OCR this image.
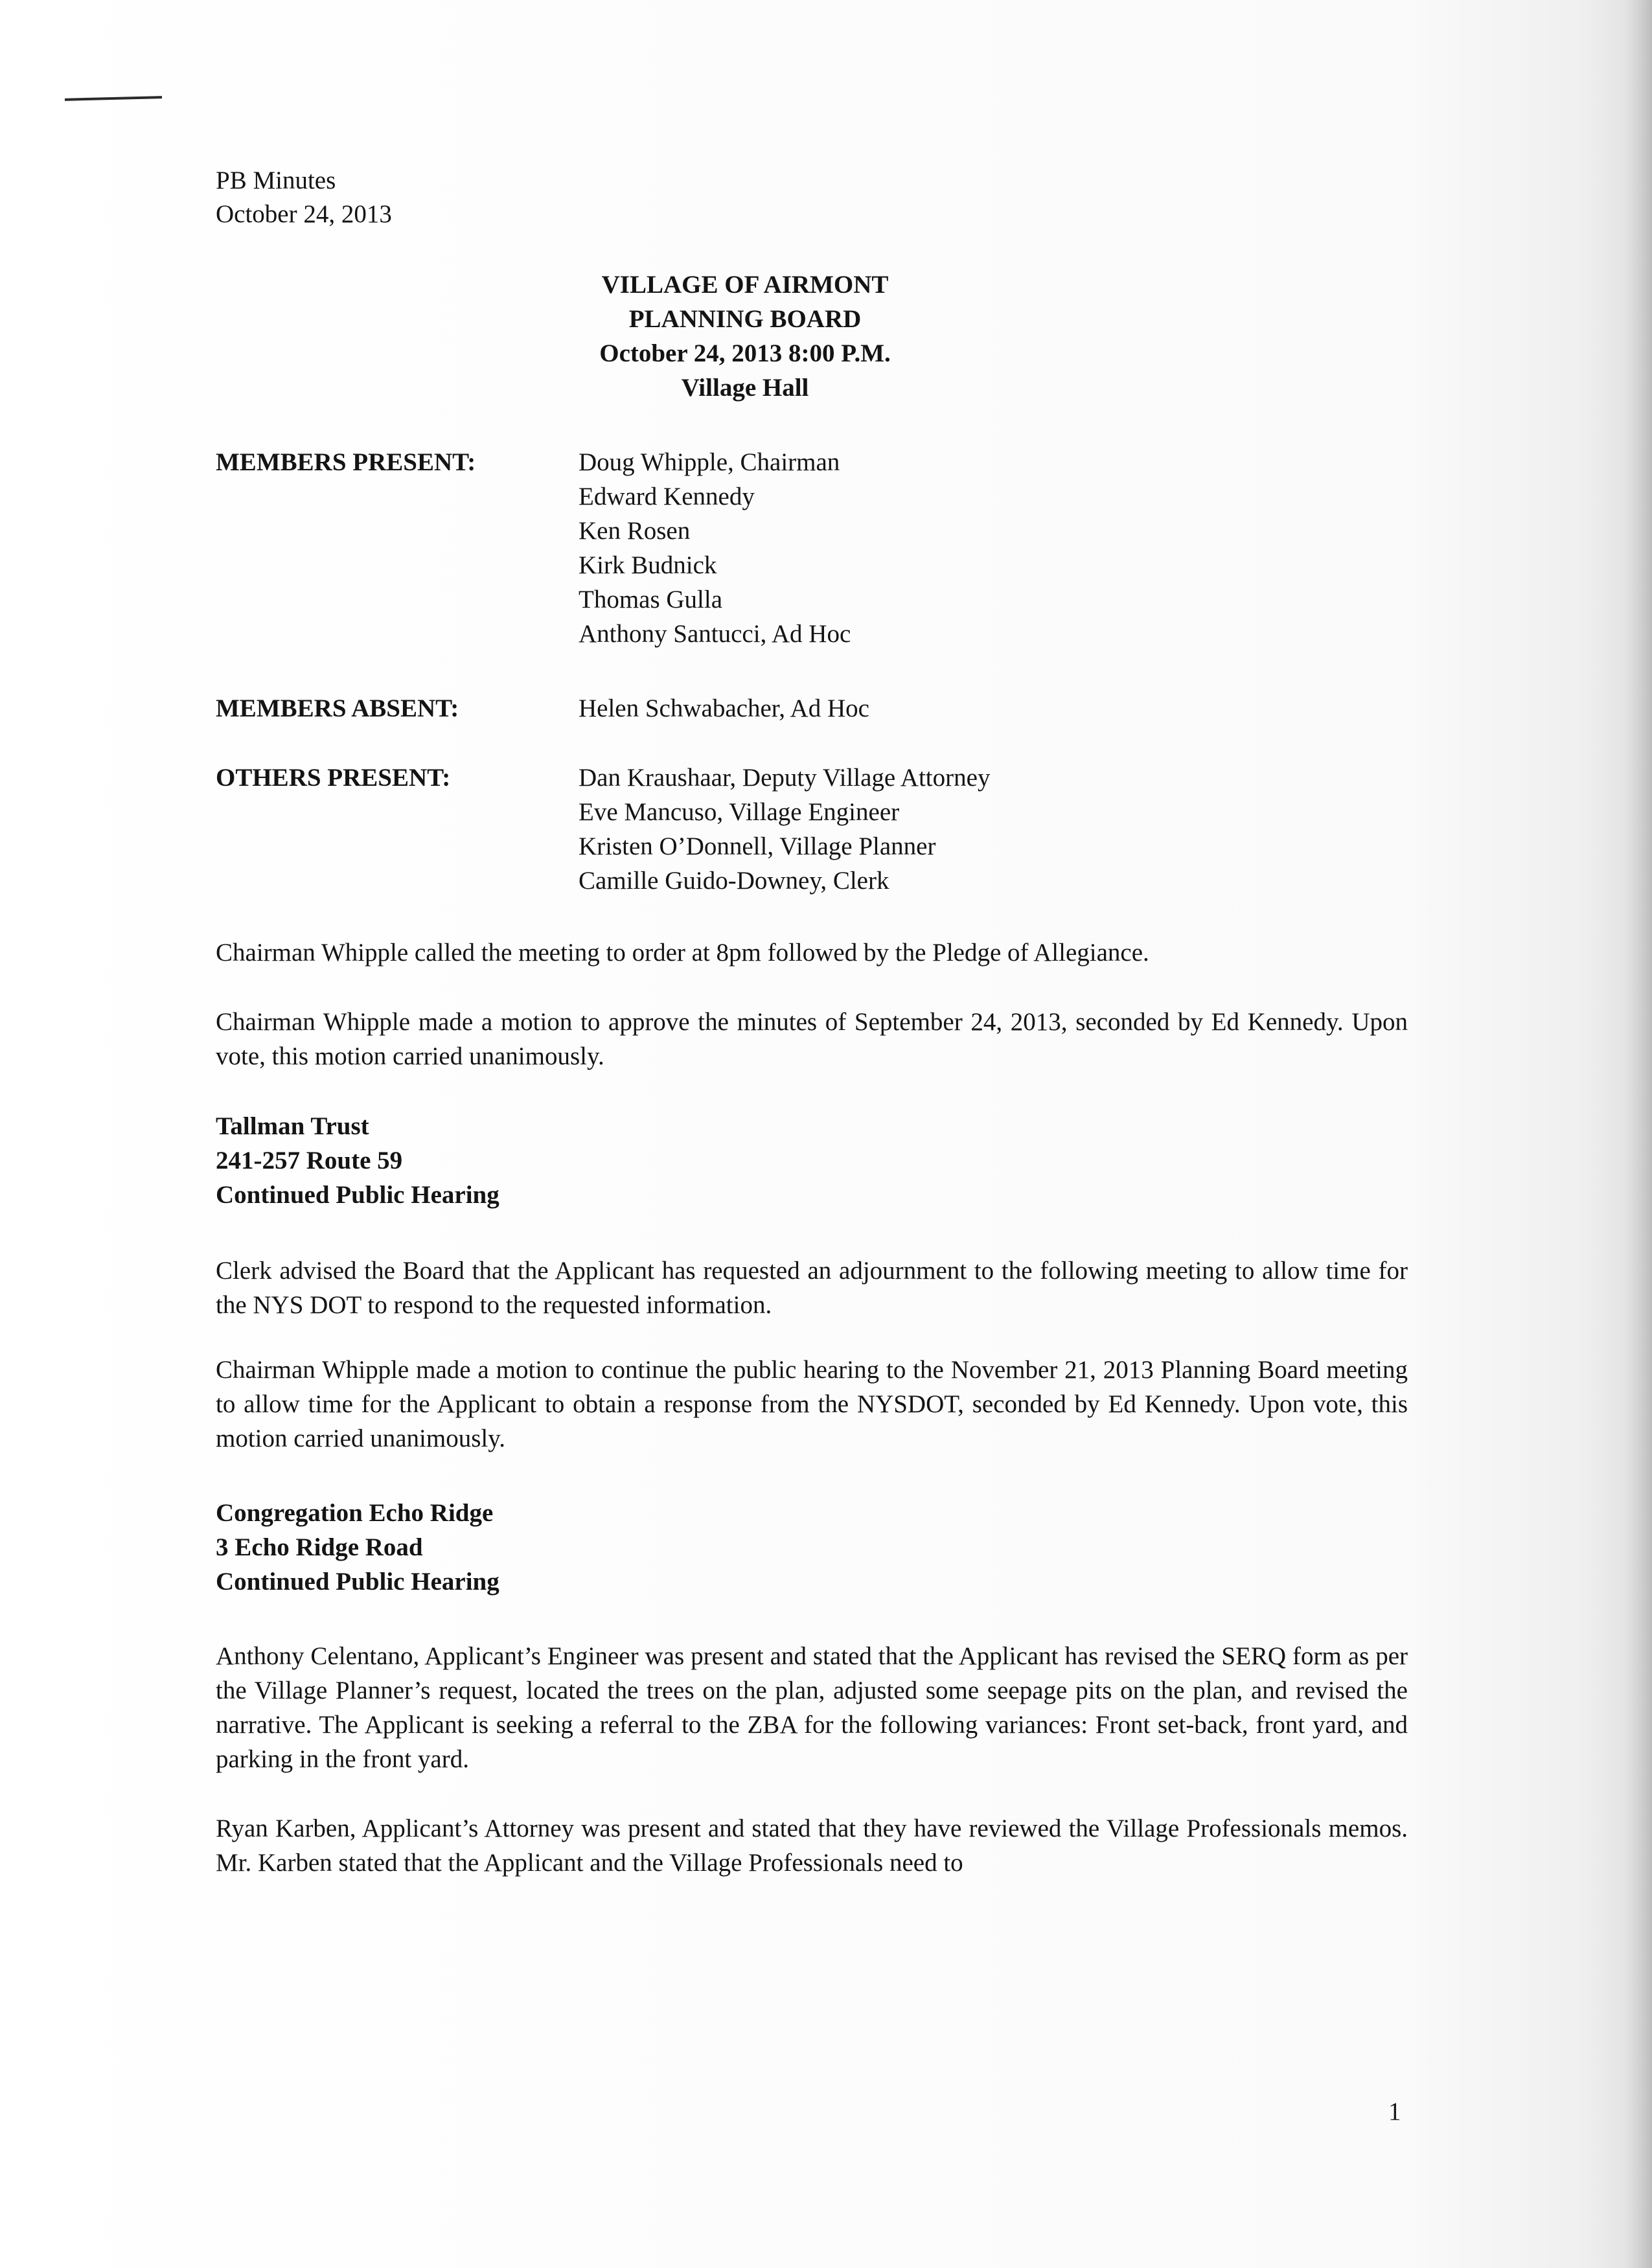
PB Minutes
October 24, 2013
VILLAGE OF AIRMONT
PLANNING BOARD
October 24, 2013 8:00 P.M.
Village Hall
MEMBERS PRESENT:	Doug Whipple, Chairman
Edward Kennedy
Ken Rosen
Kirk Budnick
Thomas Gulla
Anthony Santucci, Ad Hoc
MEMBERS ABSENT:	Helen Schwabacher, Ad Hoc
OTHERS PRESENT:	Dan Kraushaar, Deputy Village Attorney
Eve Mancuso, Village Engineer
Kristen O’Donnell, Village Planner
Camille Guido-Downey, Clerk

Chairman Whipple called the meeting to order at 8pm followed by the Pledge of Allegiance.

Chairman Whipple made a motion to approve the minutes of September 24, 2013, seconded by Ed Kennedy. Upon vote, this motion carried unanimously.

Tallman Trust
241-257 Route 59
Continued Public Hearing

Clerk advised the Board that the Applicant has requested an adjournment to the following meeting to allow time for the NYS DOT to respond to the requested information.

Chairman Whipple made a motion to continue the public hearing to the November 21, 2013 Planning Board meeting to allow time for the Applicant to obtain a response from the NYSDOT, seconded by Ed Kennedy. Upon vote, this motion carried unanimously.

Congregation Echo Ridge
3 Echo Ridge Road
Continued Public Hearing

Anthony Celentano, Applicant’s Engineer was present and stated that the Applicant has revised the SERQ form as per the Village Planner’s request, located the trees on the plan, adjusted some seepage pits on the plan, and revised the narrative. The Applicant is seeking a referral to the ZBA for the following variances: Front set-back, front yard, and parking in the front yard.

Ryan Karben, Applicant’s Attorney was present and stated that they have reviewed the Village Professionals memos. Mr. Karben stated that the Applicant and the Village Professionals need to

1
